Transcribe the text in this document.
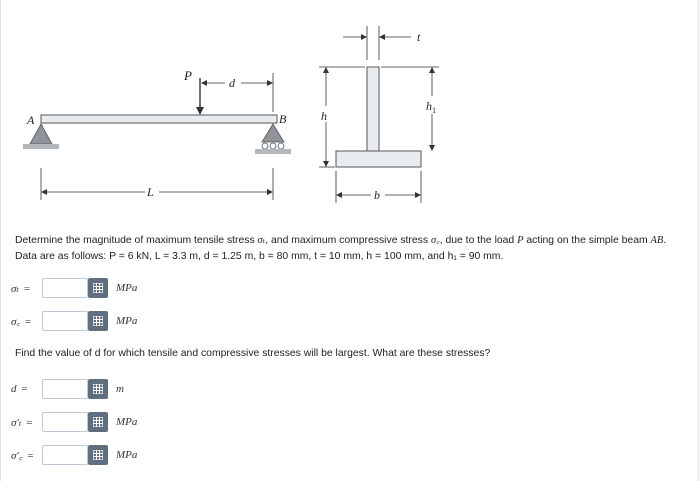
P	d
A	B
L
t
h
$h_1$
b

Determine the magnitude of maximum tensile stress σₜ, and maximum compressive stress σ꜀, due to the load P acting on the simple beam AB.

Data are as follows: P = 6 kN, L = 3.3 m, d = 1.25 m, b = 80 mm, t = 10 mm, h = 100 mm, and h₁ = 90 mm.

σₜ =	MPa
σ꜀ =	MPa
Find the value of d for which tensile and compressive stresses will be largest. What are these stresses?
d =	m
σ′ₜ =	MPa
σ′꜀ =	MPa
